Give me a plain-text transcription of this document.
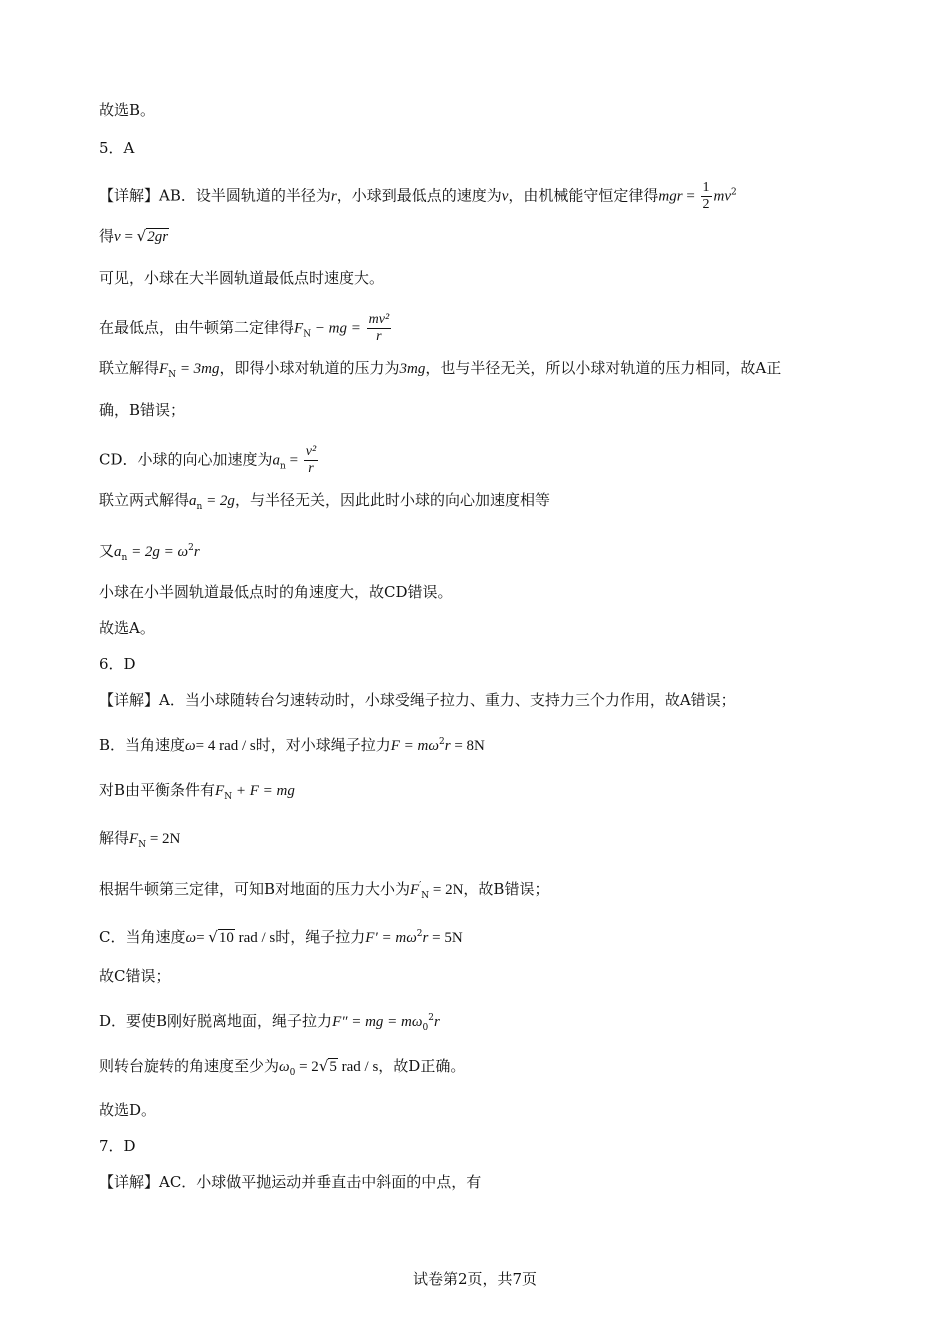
故选B。
5．A
【详解】AB．设半圆轨道的半径为r，小球到最低点的速度为v，由机械能守恒定律得mgr = $\frac{1}{2} mv^2$
得v = √2gr
可见，小球在大半圆轨道最低点时速度大。
在最低点，由牛顿第二定律得$F_N$ − mg = $\frac{\text{mv²}}{r}$
联立解得$F_N = 3mg$，即得小球对轨道的压力为3mg，也与半径无关，所以小球对轨道的压力相同，故A正
确，B错误；
CD．小球的向心加速度为$a_n = \frac{\text{v²}}{r}$
联立两式解得$a_n = 2g$，与半径无关，因此此时小球的向心加速度相等
又$a_n = 2g = \omega^2r$
小球在小半圆轨道最低点时的角速度大，故CD错误。
故选A。
6．D
【详解】A．当小球随转台匀速转动时，小球受绳子拉力、重力、支持力三个力作用，故A错误；
B．当角速度ω= 4 rad / s时，对小球绳子拉力$F = m\omega^2r = 8N$
对B由平衡条件有$F_N + F$ = mg
解得$F_N = 2N$
根据牛顿第三定律，可知B对地面的压力大小为$F'_N = 2N$，故B错误；
C．当角速度ω= √10 rad / s时，绳子拉力$F' = m\omega^2r = 5N$
故C错误；
D．要使B刚好脱离地面，绳子拉力F″ = mg = $m\omega_0^2r$
则转台旋转的角速度至少为$\omega_0 = 2√5$ rad / s，故D正确。
故选D。
7．D
【详解】AC．小球做平抛运动并垂直击中斜面的中点，有
试卷第2页，共7页
